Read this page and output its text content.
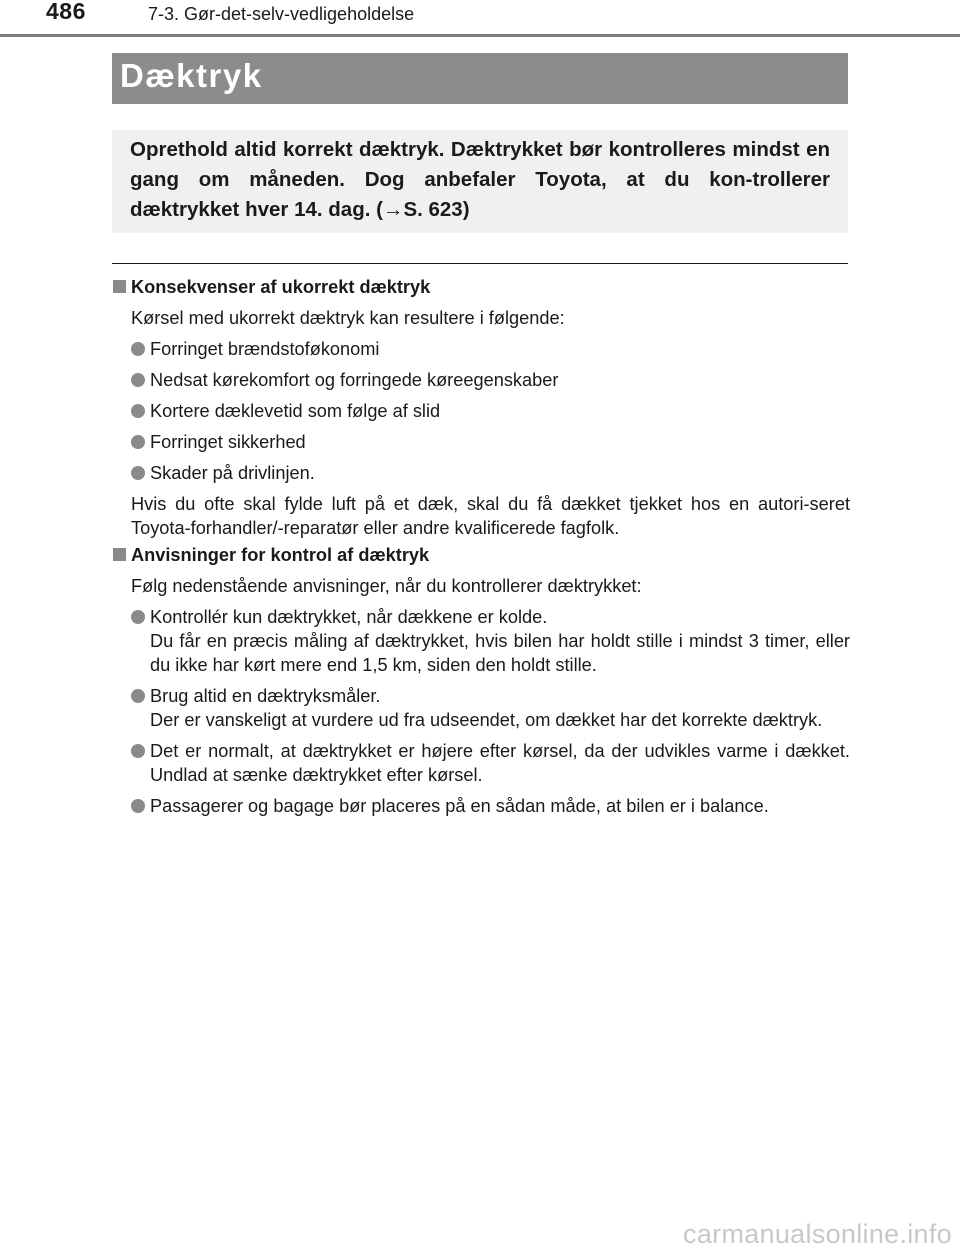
486	7-3. Gør-det-selv-vedligeholdelse
Dæktryk

Oprethold altid korrekt dæktryk. Dæktrykket bør kontrolleres mindst en gang om måneden. Dog anbefaler Toyota, at du kon-trollerer dæktrykket hver 14. dag. (→S. 623)

Konsekvenser af ukorrekt dæktryk
Kørsel med ukorrekt dæktryk kan resultere i følgende:
Forringet brændstoføkonomi
Nedsat kørekomfort og forringede køreegenskaber
Kortere dæklevetid som følge af slid
Forringet sikkerhed
Skader på drivlinjen.
Hvis du ofte skal fylde luft på et dæk, skal du få dækket tjekket hos en autori-seret Toyota-forhandler/-reparatør eller andre kvalificerede fagfolk.
Anvisninger for kontrol af dæktryk
Følg nedenstående anvisninger, når du kontrollerer dæktrykket:
Kontrollér kun dæktrykket, når dækkene er kolde.
Du får en præcis måling af dæktrykket, hvis bilen har holdt stille i mindst 3 timer, eller du ikke har kørt mere end 1,5 km, siden den holdt stille.
Brug altid en dæktryksmåler.
Der er vanskeligt at vurdere ud fra udseendet, om dækket har det korrekte dæktryk.
Det er normalt, at dæktrykket er højere efter kørsel, da der udvikles varme i dækket. Undlad at sænke dæktrykket efter kørsel.
Passagerer og bagage bør placeres på en sådan måde, at bilen er i balance.
carmanualsonline.info
